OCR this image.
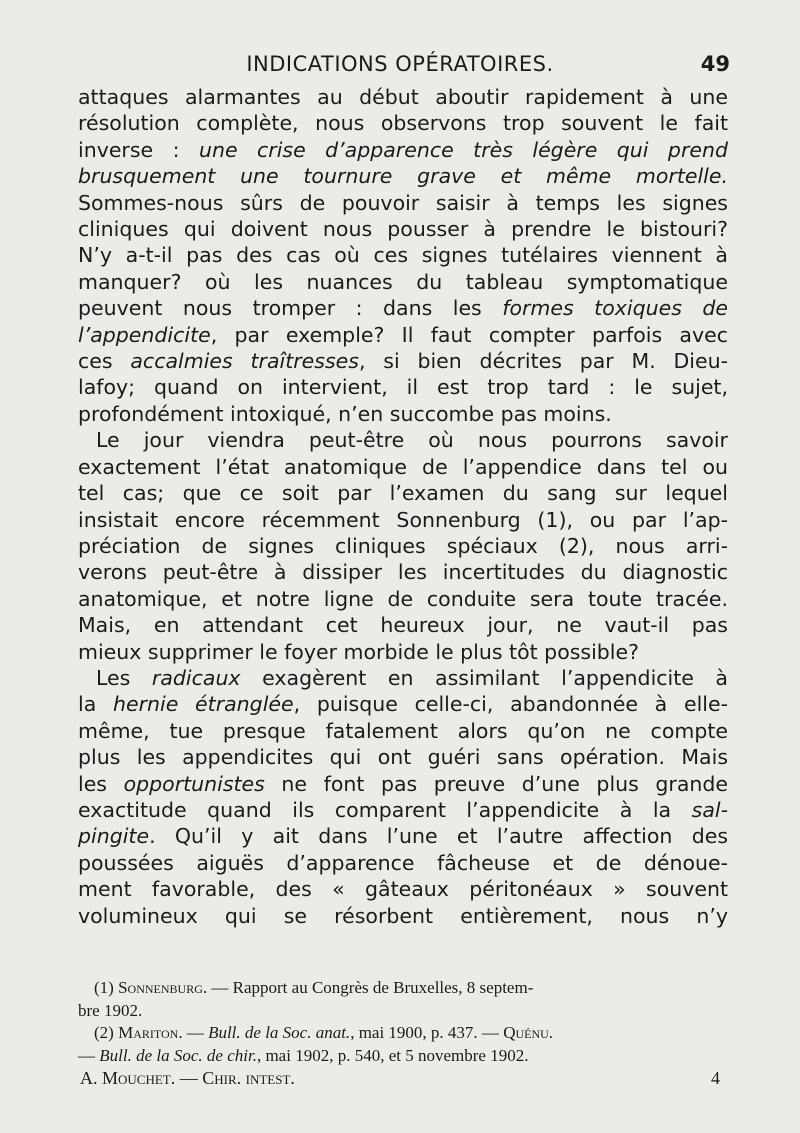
INDICATIONS OPÉRATOIRES.	49
attaques alarmantes au début aboutir rapidement à une
résolution complète, nous observons trop souvent le fait
inverse : une crise d’apparence très légère qui prend
brusquement une tournure grave et même mortelle.
Sommes-nous sûrs de pouvoir saisir à temps les signes
cliniques qui doivent nous pousser à prendre le bistouri?
N’y a-t-il pas des cas où ces signes tutélaires viennent à
manquer? où les nuances du tableau symptomatique
peuvent nous tromper : dans les formes toxiques de
l’appendicite, par exemple? Il faut compter parfois avec
ces accalmies traîtresses, si bien décrites par M. Dieu-
lafoy; quand on intervient, il est trop tard : le sujet,
profondément intoxiqué, n’en succombe pas moins.
Le jour viendra peut-être où nous pourrons savoir
exactement l’état anatomique de l’appendice dans tel ou
tel cas; que ce soit par l’examen du sang sur lequel
insistait encore récemment Sonnenburg (1), ou par l’ap-
préciation de signes cliniques spéciaux (2), nous arri-
verons peut-être à dissiper les incertitudes du diagnostic
anatomique, et notre ligne de conduite sera toute tracée.
Mais, en attendant cet heureux jour, ne vaut-il pas
mieux supprimer le foyer morbide le plus tôt possible?
Les radicaux exagèrent en assimilant l’appendicite à
la hernie étranglée, puisque celle-ci, abandonnée à elle-
même, tue presque fatalement alors qu’on ne compte
plus les appendicites qui ont guéri sans opération. Mais
les opportunistes ne font pas preuve d’une plus grande
exactitude quand ils comparent l’appendicite à la sal-
pingite. Qu’il y ait dans l’une et l’autre affection des
poussées aiguës d’apparence fâcheuse et de dénoue-
ment favorable, des « gâteaux péritonéaux » souvent
volumineux qui se résorbent entièrement, nous n’y
(1) Sonnenburg. — Rapport au Congrès de Bruxelles, 8 septem-
bre 1902.
(2) Mariton. — Bull. de la Soc. anat., mai 1900, p. 437. — Quénu.
— Bull. de la Soc. de chir., mai 1902, p. 540, et 5 novembre 1902.
A. Mouchet. — Chir. intest.	4
